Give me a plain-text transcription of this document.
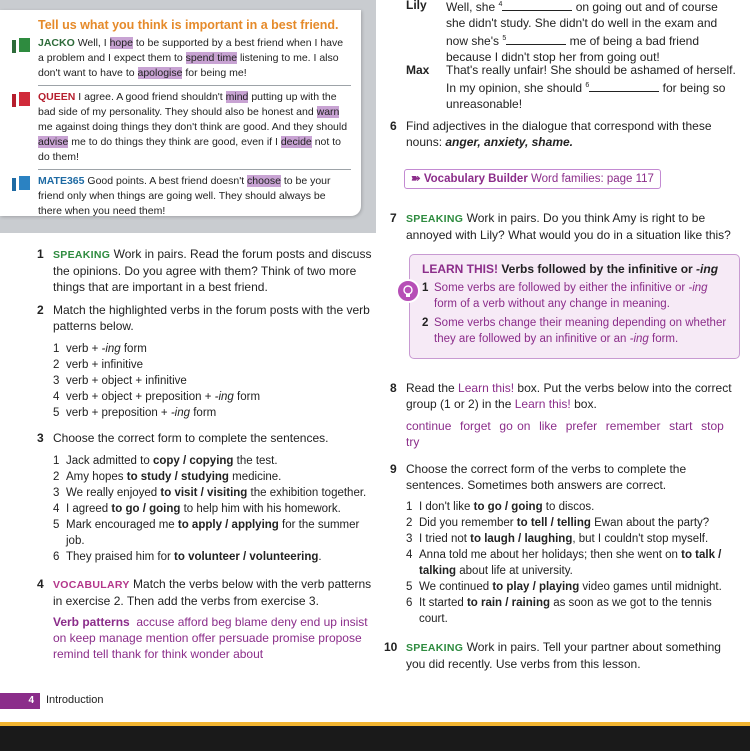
Tell us what you think is important in a best friend.
JACKO Well, I hope to be supported by a best friend when I have a problem and I expect them to spend time listening to me. I also don't want to have to apologise for being me!
QUEEN I agree. A good friend shouldn't mind putting up with the bad side of my personality. They should also be honest and warn me against doing things they don't think are good. And they should advise me to do things they think are good, even if I decide not to do them!
MATE365 Good points. A best friend doesn't choose to be your friend only when things are going well. They should always be there when you need them!
1 SPEAKING Work in pairs. Read the forum posts and discuss the opinions. Do you agree with them? Think of two more things that are important in a best friend.
2 Match the highlighted verbs in the forum posts with the verb patterns below.
1 verb + -ing form
2 verb + infinitive
3 verb + object + infinitive
4 verb + object + preposition + -ing form
5 verb + preposition + -ing form
3 Choose the correct form to complete the sentences.
1 Jack admitted to copy / copying the test.
2 Amy hopes to study / studying medicine.
3 We really enjoyed to visit / visiting the exhibition together.
4 I agreed to go / going to help him with his homework.
5 Mark encouraged me to apply / applying for the summer job.
6 They praised him for to volunteer / volunteering.
4 VOCABULARY Match the verbs below with the verb patterns in exercise 2. Then add the verbs from exercise 3.
Verb patterns accuse afford beg blame deny end up insist on keep manage mention offer persuade promise propose remind tell thank for think wonder about
Lily Well, she $^4$	on going out and of course she didn't study. She didn't do well in the exam and now she's $^5$	me of being a bad friend because I didn't stop her from going out!
Max That's really unfair! She should be ashamed of herself. In my opinion, she should $^6$	for being so unreasonable!
6 Find adjectives in the dialogue that correspond with these nouns: anger, anxiety, shame.
➽ Vocabulary Builder Word families: page 117
7 SPEAKING Work in pairs. Do you think Amy is right to be annoyed with Lily? What would you do in a situation like this?
LEARN THIS! Verbs followed by the infinitive or -ing
1 Some verbs are followed by either the infinitive or -ing form of a verb without any change in meaning.
2 Some verbs change their meaning depending on whether they are followed by an infinitive or an -ing form.
8 Read the Learn this! box. Put the verbs below into the correct group (1 or 2) in the Learn this! box.
continue  forget  go on  like  prefer  remember  start  stop  try
9 Choose the correct form of the verbs to complete the sentences. Sometimes both answers are correct.
1 I don't like to go / going to discos.
2 Did you remember to tell / telling Ewan about the party?
3 I tried not to laugh / laughing, but I couldn't stop myself.
4 Anna told me about her holidays; then she went on to talk / talking about life at university.
5 We continued to play / playing video games until midnight.
6 It started to rain / raining as soon as we got to the tennis court.
10 SPEAKING Work in pairs. Tell your partner about something you did recently. Use verbs from this lesson.
4	Introduction
